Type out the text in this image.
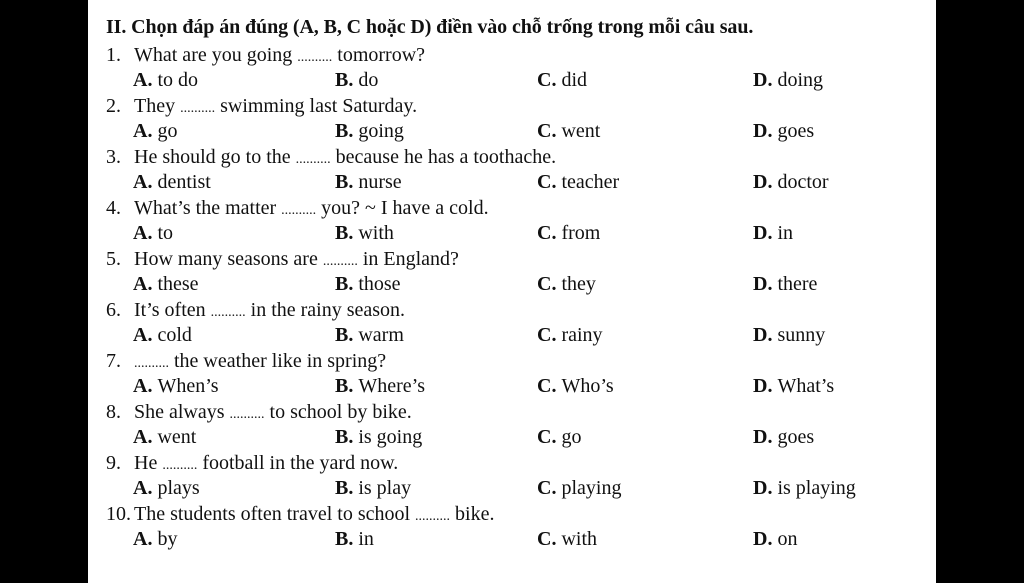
II. Chọn đáp án đúng (A, B, C hoặc D) điền vào chỗ trống trong mỗi câu sau.
1. What are you going .......... tomorrow?
A. to do	B. do	C. did	D. doing
2. They .......... swimming last Saturday.
A. go	B. going	C. went	D. goes
3. He should go to the .......... because he has a toothache.
A. dentist	B. nurse	C. teacher	D. doctor
4. What’s the matter .......... you? ~ I have a cold.
A. to	B. with	C. from	D. in
5. How many seasons are .......... in England?
A. these	B. those	C. they	D. there
6. It’s often .......... in the rainy season.
A. cold	B. warm	C. rainy	D. sunny
7. .......... the weather like in spring?
A. When’s	B. Where’s	C. Who’s	D. What’s
8. She always .......... to school by bike.
A. went	B. is going	C. go	D. goes
9. He .......... football in the yard now.
A. plays	B. is play	C. playing	D. is playing
10. The students often travel to school .......... bike.
A. by	B. in	C. with	D. on
